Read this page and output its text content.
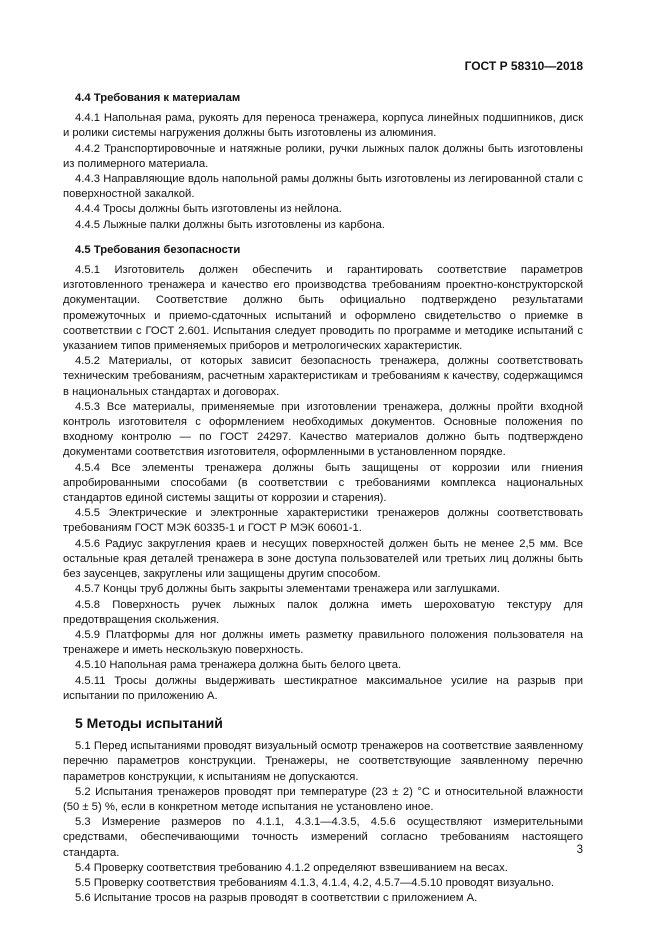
ГОСТ Р 58310—2018
4.4 Требования к материалам

4.4.1 Напольная рама, рукоять для переноса тренажера, корпуса линейных подшипников, диск и ролики системы нагружения должны быть изготовлены из алюминия.

4.4.2 Транспортировочные и натяжные ролики, ручки лыжных палок должны быть изготовлены из полимерного материала.

4.4.3 Направляющие вдоль напольной рамы должны быть изготовлены из легированной стали с поверхностной закалкой.

4.4.4 Тросы должны быть изготовлены из нейлона.

4.4.5 Лыжные палки должны быть изготовлены из карбона.

4.5 Требования безопасности

4.5.1 Изготовитель должен обеспечить и гарантировать соответствие параметров изготовленного тренажера и качество его производства требованиям проектно-конструкторской документации. Соответствие должно быть официально подтверждено результатами промежуточных и приемо-сдаточных испытаний и оформлено свидетельство о приемке в соответствии с ГОСТ 2.601. Испытания следует проводить по программе и методике испытаний с указанием типов применяемых приборов и метрологических характеристик.

4.5.2 Материалы, от которых зависит безопасность тренажера, должны соответствовать техническим требованиям, расчетным характеристикам и требованиям к качеству, содержащимся в национальных стандартах и договорах.

4.5.3 Все материалы, применяемые при изготовлении тренажера, должны пройти входной контроль изготовителя с оформлением необходимых документов. Основные положения по входному контролю — по ГОСТ 24297. Качество материалов должно быть подтверждено документами соответствия изготовителя, оформленными в установленном порядке.

4.5.4 Все элементы тренажера должны быть защищены от коррозии или гниения апробированными способами (в соответствии с требованиями комплекса национальных стандартов единой системы защиты от коррозии и старения).

4.5.5 Электрические и электронные характеристики тренажеров должны соответствовать требованиям ГОСТ МЭК 60335-1 и ГОСТ Р МЭК 60601-1.

4.5.6 Радиус закругления краев и несущих поверхностей должен быть не менее 2,5 мм. Все остальные края деталей тренажера в зоне доступа пользователей или третьих лиц должны быть без заусенцев, закруглены или защищены другим способом.

4.5.7 Концы труб должны быть закрыты элементами тренажера или заглушками.

4.5.8 Поверхность ручек лыжных палок должна иметь шероховатую текстуру для предотвращения скольжения.

4.5.9 Платформы для ног должны иметь разметку правильного положения пользователя на тренажере и иметь нескользкую поверхность.

4.5.10 Напольная рама тренажера должна быть белого цвета.

4.5.11 Тросы должны выдерживать шестикратное максимальное усилие на разрыв при испытании по приложению А.

5 Методы испытаний

5.1 Перед испытаниями проводят визуальный осмотр тренажеров на соответствие заявленному перечню параметров конструкции. Тренажеры, не соответствующие заявленному перечню параметров конструкции, к испытаниям не допускаются.

5.2 Испытания тренажеров проводят при температуре (23 ± 2) °С и относительной влажности (50 ± 5) %, если в конкретном методе испытания не установлено иное.

5.3 Измерение размеров по 4.1.1, 4.3.1—4.3.5, 4.5.6 осуществляют измерительными средствами, обеспечивающими точность измерений согласно требованиям настоящего стандарта.

5.4 Проверку соответствия требованию 4.1.2 определяют взвешиванием на весах.

5.5 Проверку соответствия требованиям 4.1.3, 4.1.4, 4.2, 4.5.7—4.5.10 проводят визуально.

5.6 Испытание тросов на разрыв проводят в соответствии с приложением А.

3
